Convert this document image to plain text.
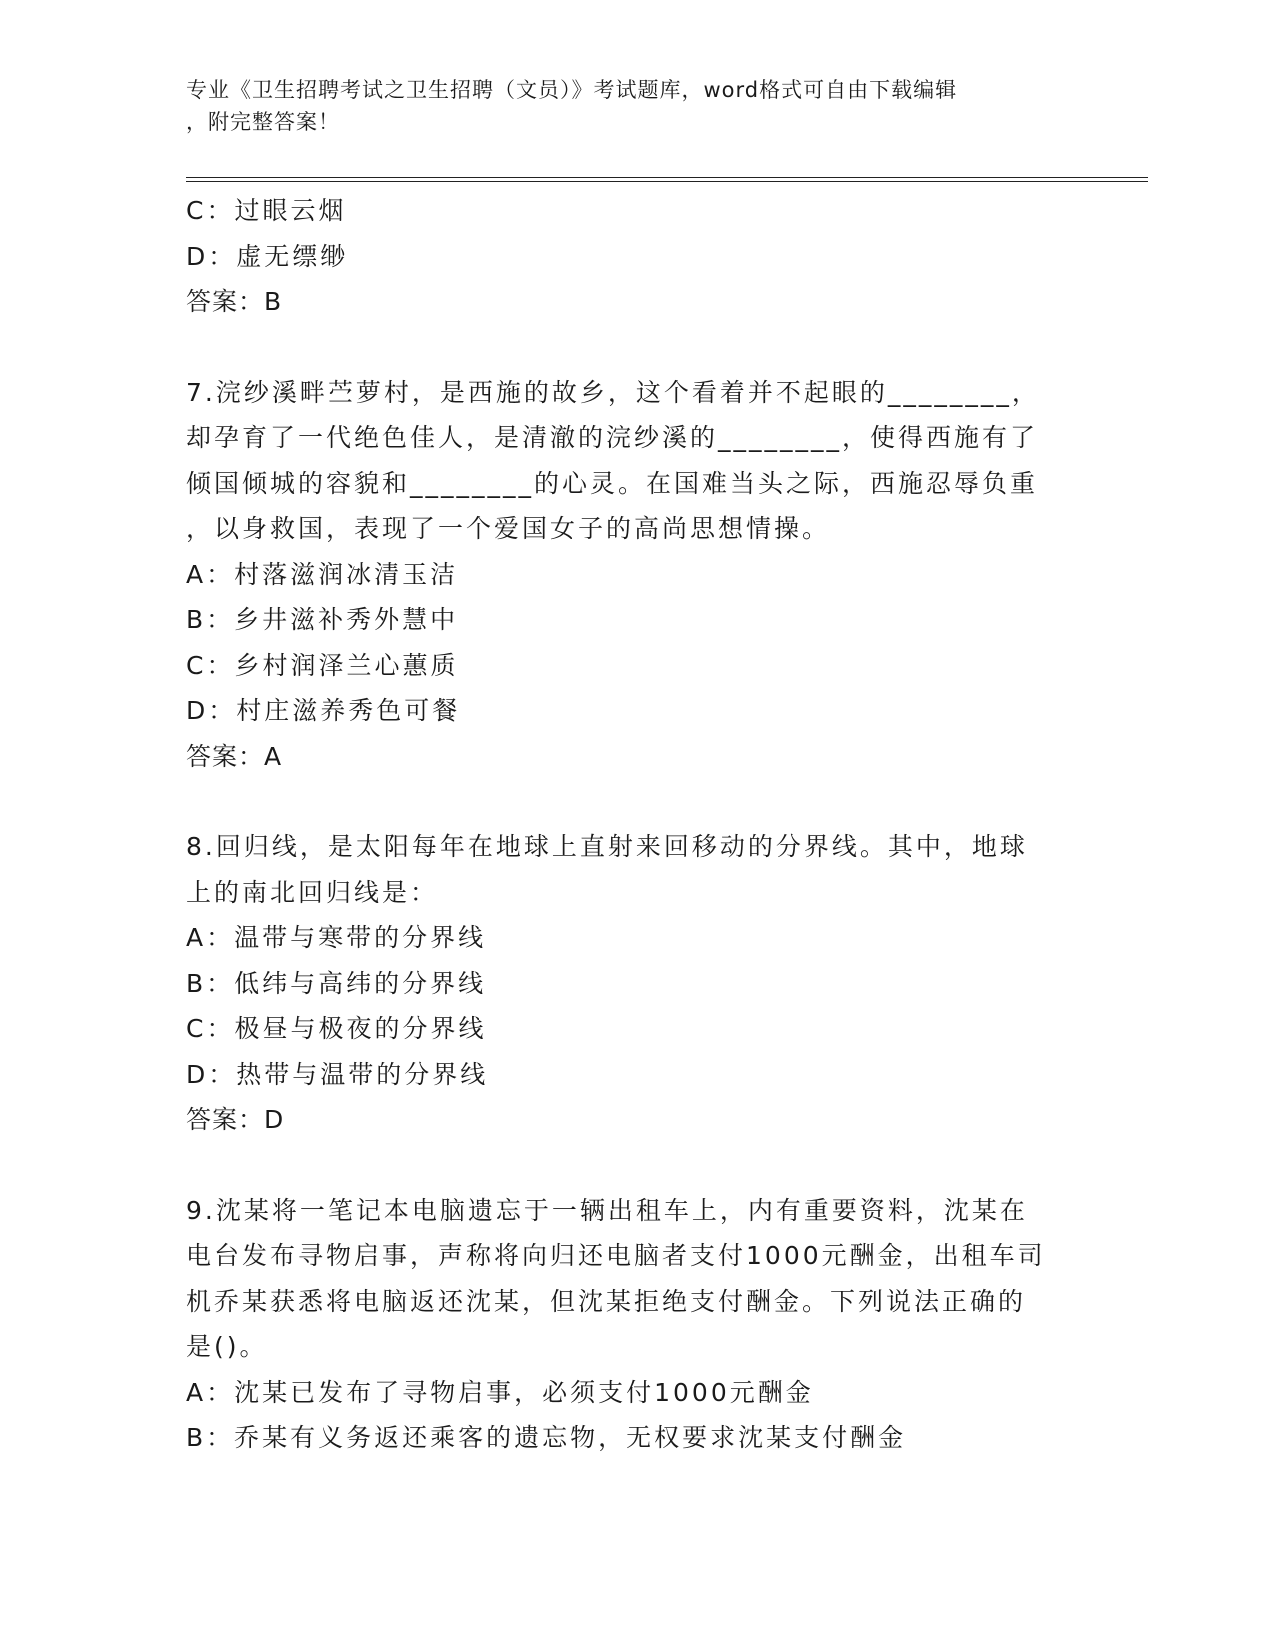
专业《卫生招聘考试之卫生招聘（文员）》考试题库，word格式可自由下载编辑
，附完整答案！
C：过眼云烟
D：虚无缥缈
答案：B
7.浣纱溪畔苎萝村，是西施的故乡，这个看着并不起眼的________，
却孕育了一代绝色佳人，是清澈的浣纱溪的________，使得西施有了
倾国倾城的容貌和________的心灵。在国难当头之际，西施忍辱负重
，以身救国，表现了一个爱国女子的高尚思想情操。
A：村落滋润冰清玉洁
B：乡井滋补秀外慧中
C：乡村润泽兰心蕙质
D：村庄滋养秀色可餐
答案：A
8.回归线，是太阳每年在地球上直射来回移动的分界线。其中，地球
上的南北回归线是：
A：温带与寒带的分界线
B：低纬与高纬的分界线
C：极昼与极夜的分界线
D：热带与温带的分界线
答案：D
9.沈某将一笔记本电脑遗忘于一辆出租车上，内有重要资料，沈某在
电台发布寻物启事，声称将向归还电脑者支付1000元酬金，出租车司
机乔某获悉将电脑返还沈某，但沈某拒绝支付酬金。下列说法正确的
是()。
A：沈某已发布了寻物启事，必须支付1000元酬金
B：乔某有义务返还乘客的遗忘物，无权要求沈某支付酬金
